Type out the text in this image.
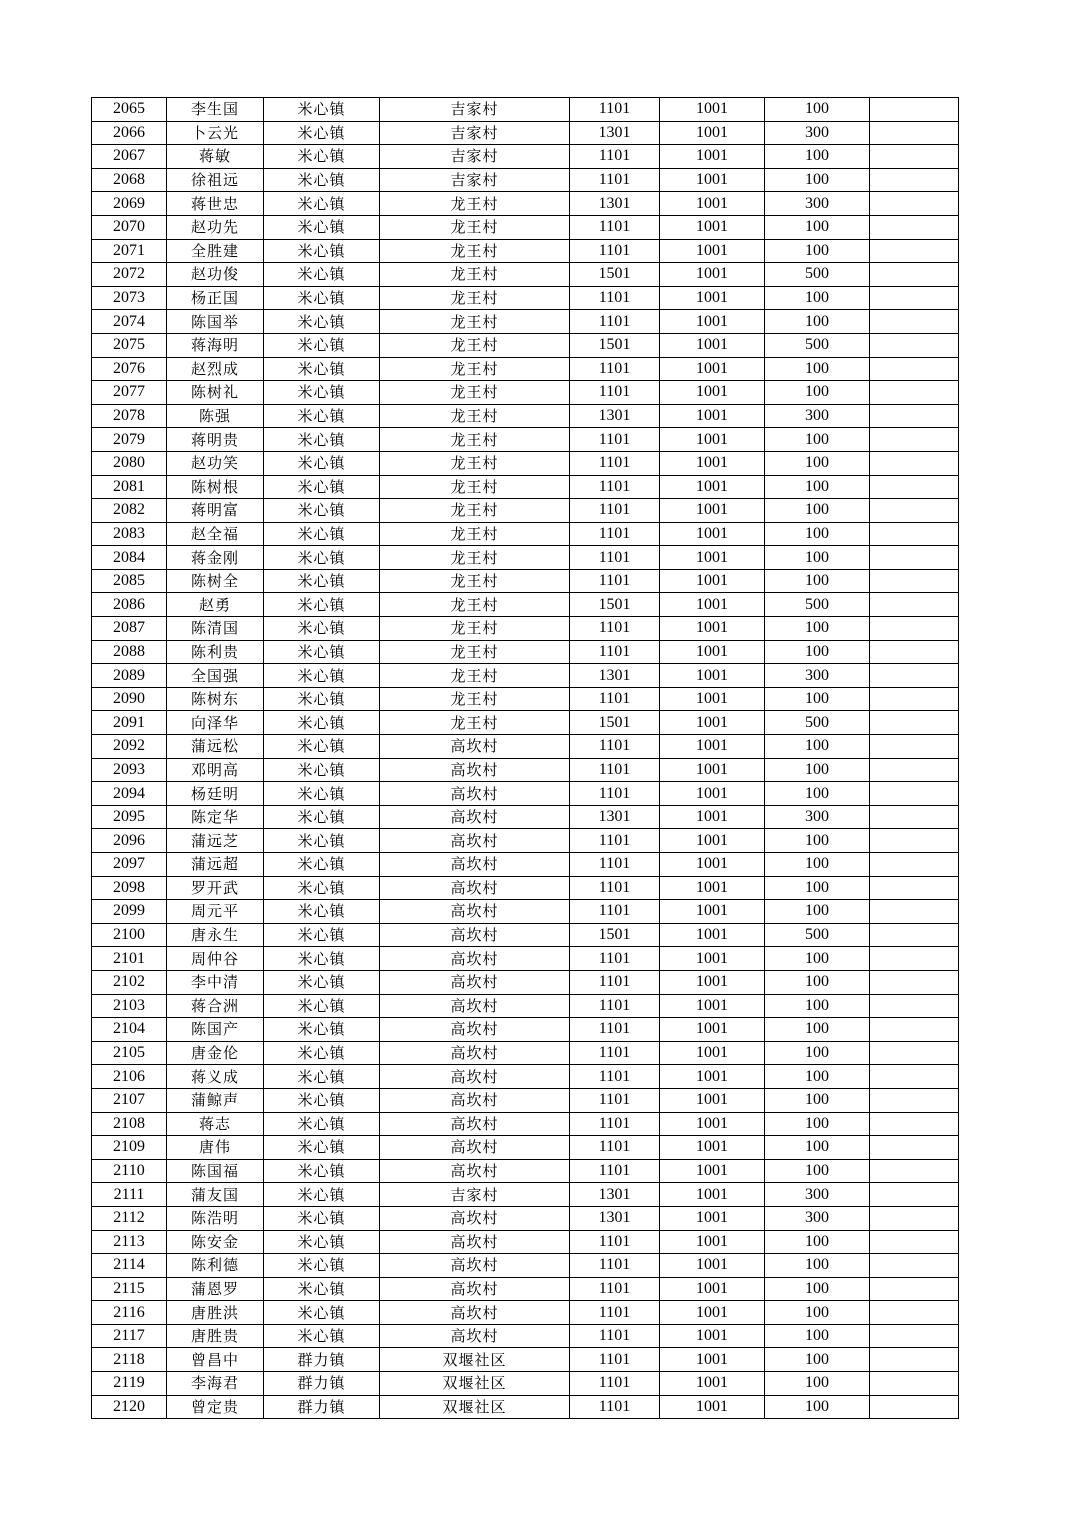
2065	李生国	米心镇	吉家村	1101	1001	100	
2066	卜云光	米心镇	吉家村	1301	1001	300	
2067	蒋敏	米心镇	吉家村	1101	1001	100	
2068	徐祖远	米心镇	吉家村	1101	1001	100	
2069	蒋世忠	米心镇	龙王村	1301	1001	300	
2070	赵功先	米心镇	龙王村	1101	1001	100	
2071	全胜建	米心镇	龙王村	1101	1001	100	
2072	赵功俊	米心镇	龙王村	1501	1001	500	
2073	杨正国	米心镇	龙王村	1101	1001	100	
2074	陈国举	米心镇	龙王村	1101	1001	100	
2075	蒋海明	米心镇	龙王村	1501	1001	500	
2076	赵烈成	米心镇	龙王村	1101	1001	100	
2077	陈树礼	米心镇	龙王村	1101	1001	100	
2078	陈强	米心镇	龙王村	1301	1001	300	
2079	蒋明贵	米心镇	龙王村	1101	1001	100	
2080	赵功笑	米心镇	龙王村	1101	1001	100	
2081	陈树根	米心镇	龙王村	1101	1001	100	
2082	蒋明富	米心镇	龙王村	1101	1001	100	
2083	赵全福	米心镇	龙王村	1101	1001	100	
2084	蒋金刚	米心镇	龙王村	1101	1001	100	
2085	陈树全	米心镇	龙王村	1101	1001	100	
2086	赵勇	米心镇	龙王村	1501	1001	500	
2087	陈清国	米心镇	龙王村	1101	1001	100	
2088	陈利贵	米心镇	龙王村	1101	1001	100	
2089	全国强	米心镇	龙王村	1301	1001	300	
2090	陈树东	米心镇	龙王村	1101	1001	100	
2091	向泽华	米心镇	龙王村	1501	1001	500	
2092	蒲远松	米心镇	高坎村	1101	1001	100	
2093	邓明高	米心镇	高坎村	1101	1001	100	
2094	杨廷明	米心镇	高坎村	1101	1001	100	
2095	陈定华	米心镇	高坎村	1301	1001	300	
2096	蒲远芝	米心镇	高坎村	1101	1001	100	
2097	蒲远超	米心镇	高坎村	1101	1001	100	
2098	罗开武	米心镇	高坎村	1101	1001	100	
2099	周元平	米心镇	高坎村	1101	1001	100	
2100	唐永生	米心镇	高坎村	1501	1001	500	
2101	周仲谷	米心镇	高坎村	1101	1001	100	
2102	李中清	米心镇	高坎村	1101	1001	100	
2103	蒋合洲	米心镇	高坎村	1101	1001	100	
2104	陈国产	米心镇	高坎村	1101	1001	100	
2105	唐金伦	米心镇	高坎村	1101	1001	100	
2106	蒋义成	米心镇	高坎村	1101	1001	100	
2107	蒲鲸声	米心镇	高坎村	1101	1001	100	
2108	蒋志	米心镇	高坎村	1101	1001	100	
2109	唐伟	米心镇	高坎村	1101	1001	100	
2110	陈国福	米心镇	高坎村	1101	1001	100	
2111	蒲友国	米心镇	吉家村	1301	1001	300	
2112	陈浩明	米心镇	高坎村	1301	1001	300	
2113	陈安金	米心镇	高坎村	1101	1001	100	
2114	陈利德	米心镇	高坎村	1101	1001	100	
2115	蒲恩罗	米心镇	高坎村	1101	1001	100	
2116	唐胜洪	米心镇	高坎村	1101	1001	100	
2117	唐胜贵	米心镇	高坎村	1101	1001	100	
2118	曾昌中	群力镇	双堰社区	1101	1001	100	
2119	李海君	群力镇	双堰社区	1101	1001	100	
2120	曾定贵	群力镇	双堰社区	1101	1001	100	
